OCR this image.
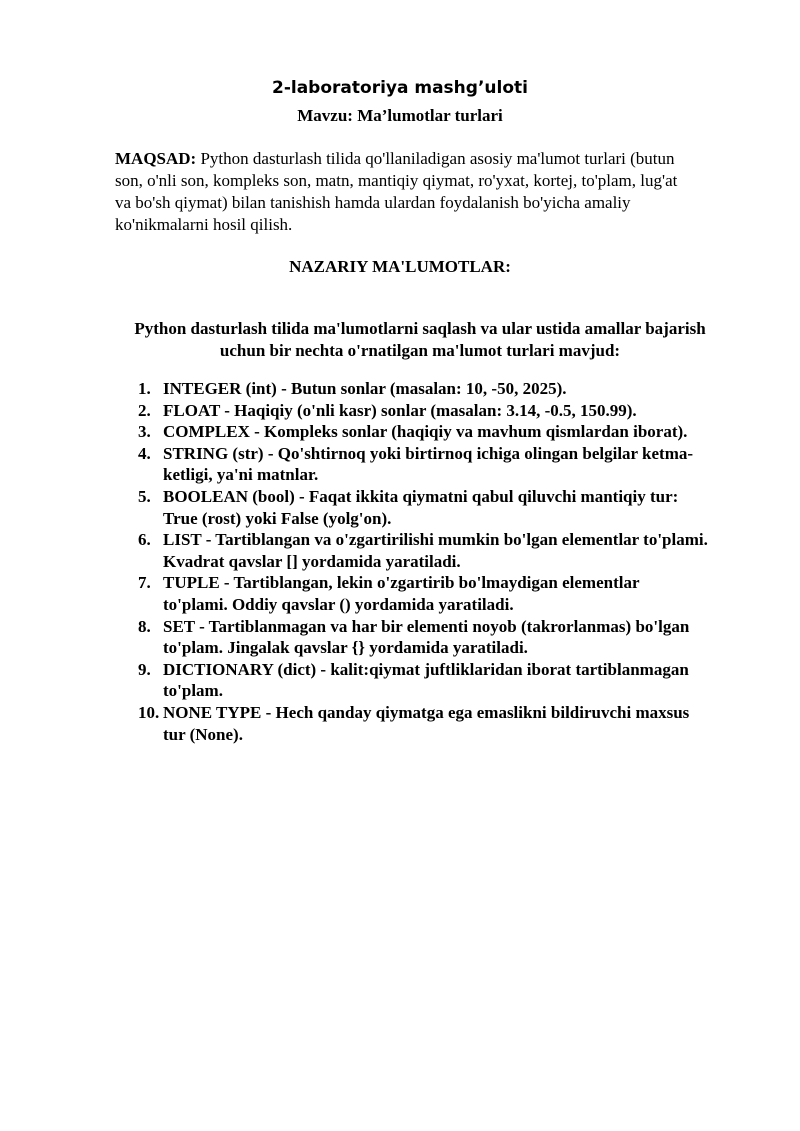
2-laboratoriya mashg’uloti
Mavzu: Ma’lumotlar turlari
MAQSAD: Python dasturlash tilida qo'llaniladigan asosiy ma'lumot turlari (butun son, o'nli son, kompleks son, matn, mantiqiy qiymat, ro'yxat, kortej, to'plam, lug'at va bo'sh qiymat) bilan tanishish hamda ulardan foydalanish bo'yicha amaliy ko'nikmalarni hosil qilish.
NAZARIY MA'LUMOTLAR:
Python dasturlash tilida ma'lumotlarni saqlash va ular ustida amallar bajarish uchun bir nechta o'rnatilgan ma'lumot turlari mavjud:
1. INTEGER (int) - Butun sonlar (masalan: 10, -50, 2025).
2. FLOAT - Haqiqiy (o'nli kasr) sonlar (masalan: 3.14, -0.5, 150.99).
3. COMPLEX - Kompleks sonlar (haqiqiy va mavhum qismlardan iborat).
4. STRING (str) - Qo'shtirnoq yoki birtirnoq ichiga olingan belgilar ketma-ketligi, ya'ni matnlar.
5. BOOLEAN (bool) - Faqat ikkita qiymatni qabul qiluvchi mantiqiy tur: True (rost) yoki False (yolg'on).
6. LIST - Tartiblangan va o'zgartirilishi mumkin bo'lgan elementlar to'plami. Kvadrat qavslar [] yordamida yaratiladi.
7. TUPLE - Tartiblangan, lekin o'zgartirib bo'lmaydigan elementlar to'plami. Oddiy qavslar () yordamida yaratiladi.
8. SET - Tartiblanmagan va har bir elementi noyob (takrorlanmas) bo'lgan to'plam. Jingalak qavslar {} yordamida yaratiladi.
9. DICTIONARY (dict) - kalit:qiymat juftliklaridan iborat tartiblanmagan to'plam.
10. NONE TYPE - Hech qanday qiymatga ega emaslikni bildiruvchi maxsus tur (None).
